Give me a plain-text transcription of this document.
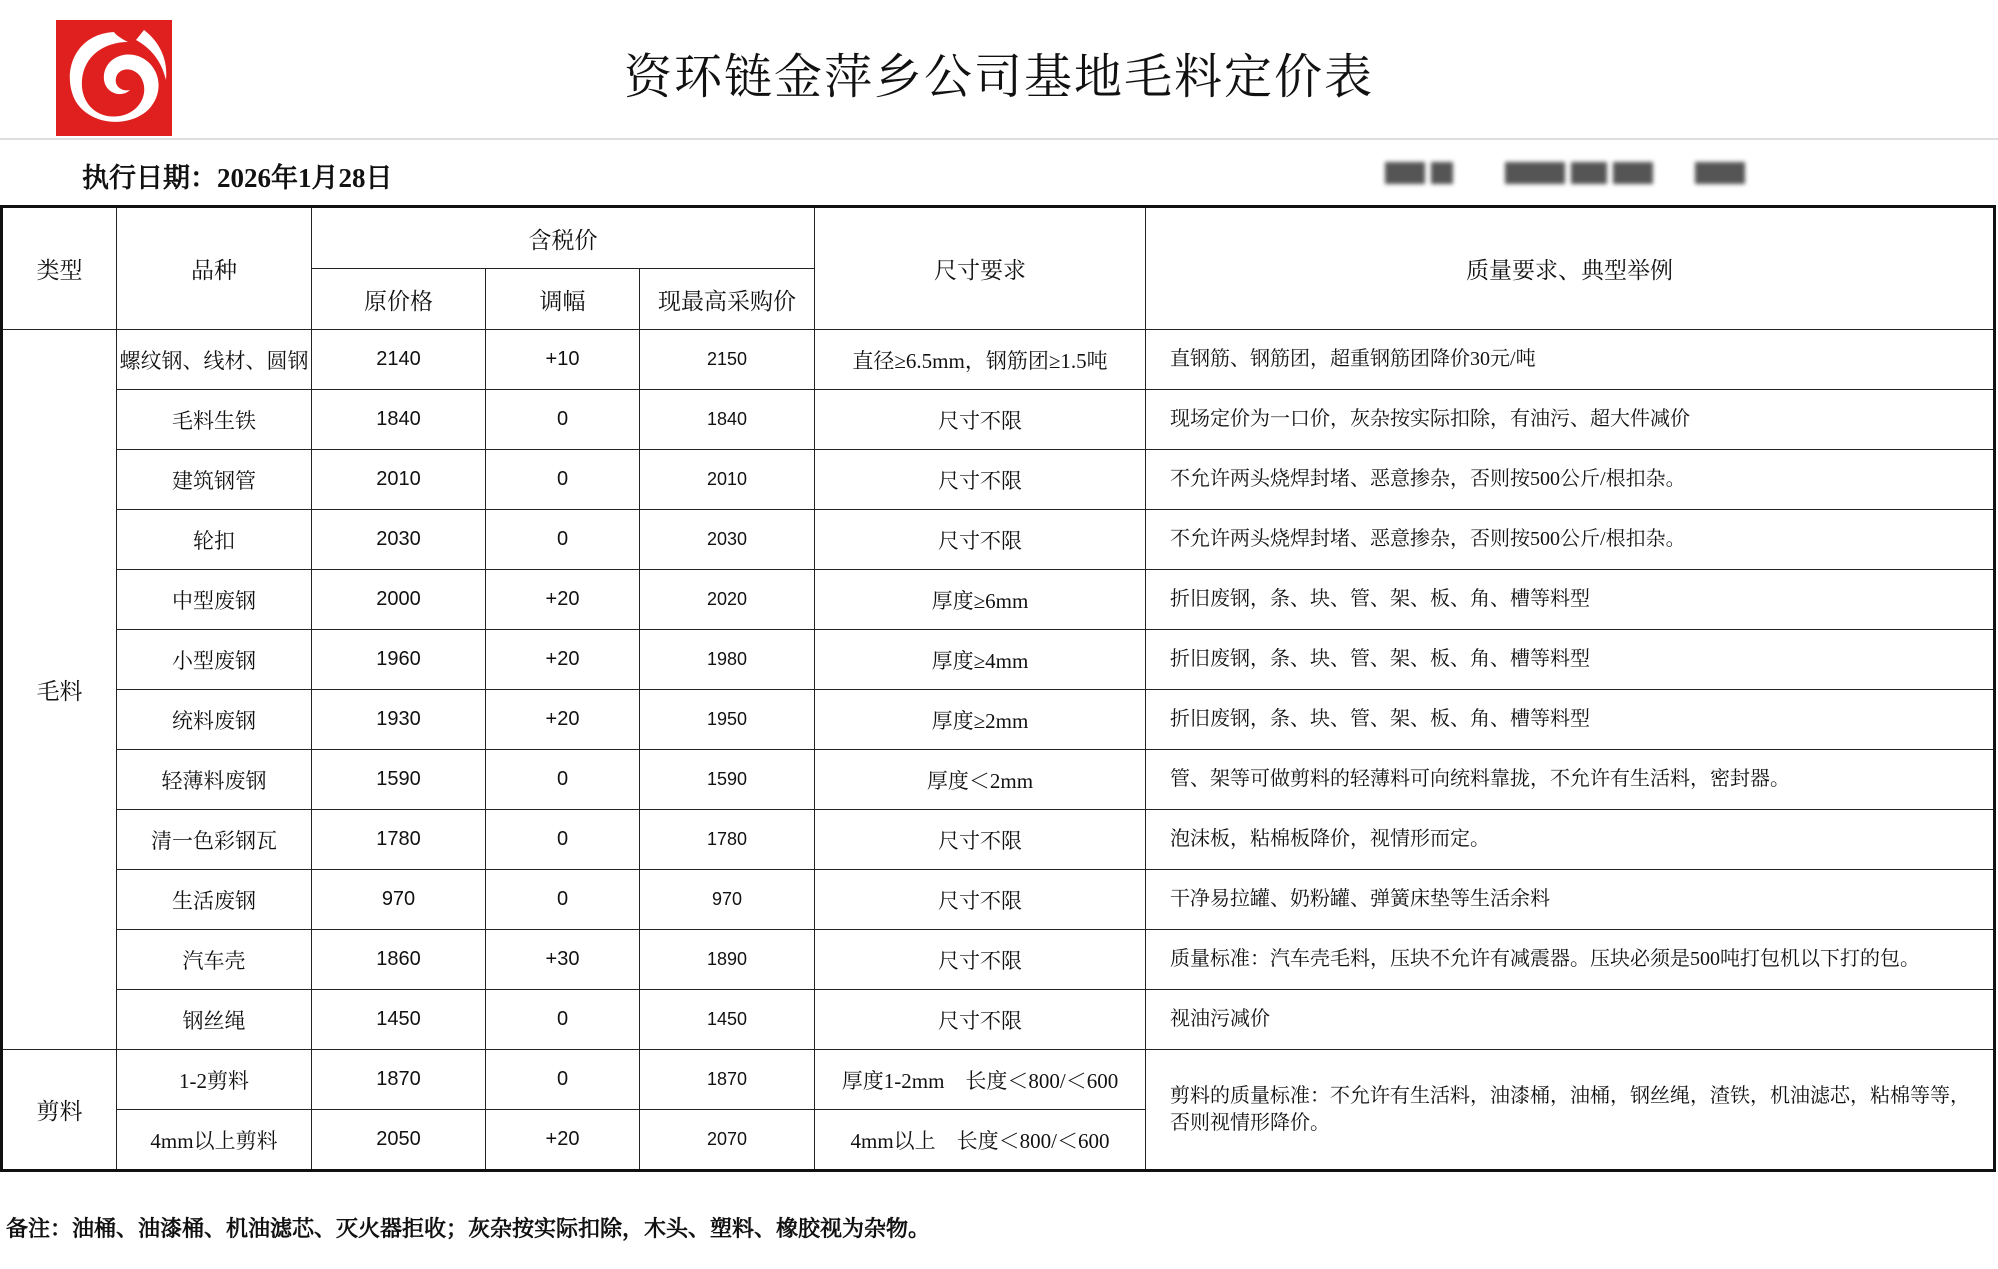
资环链金萍乡公司基地毛料定价表
执行日期：2026年1月28日
类型	品种	含税价			尺寸要求	质量要求、典型举例
		原价格	调幅	现最高采购价		
毛料	螺纹钢、线材、圆钢	2140	+10	2150	直径≥6.5mm，钢筋团≥1.5吨	直钢筋、钢筋团，超重钢筋团降价30元/吨
	毛料生铁	1840	0	1840	尺寸不限	现场定价为一口价，灰杂按实际扣除，有油污、超大件减价
	建筑钢管	2010	0	2010	尺寸不限	不允许两头烧焊封堵、恶意掺杂，否则按500公斤/根扣杂。
	轮扣	2030	0	2030	尺寸不限	不允许两头烧焊封堵、恶意掺杂，否则按500公斤/根扣杂。
	中型废钢	2000	+20	2020	厚度≥6mm	折旧废钢，条、块、管、架、板、角、槽等料型
	小型废钢	1960	+20	1980	厚度≥4mm	折旧废钢，条、块、管、架、板、角、槽等料型
	统料废钢	1930	+20	1950	厚度≥2mm	折旧废钢，条、块、管、架、板、角、槽等料型
	轻薄料废钢	1590	0	1590	厚度＜2mm	管、架等可做剪料的轻薄料可向统料靠拢，不允许有生活料，密封器。
	清一色彩钢瓦	1780	0	1780	尺寸不限	泡沫板，粘棉板降价，视情形而定。
	生活废钢	970	0	970	尺寸不限	干净易拉罐、奶粉罐、弹簧床垫等生活余料
	汽车壳	1860	+30	1890	尺寸不限	质量标准：汽车壳毛料，压块不允许有减震器。压块必须是500吨打包机以下打的包。
	钢丝绳	1450	0	1450	尺寸不限	视油污减价
剪料	1-2剪料	1870	0	1870	厚度1-2mm　长度＜800/＜600	剪料的质量标准：不允许有生活料，油漆桶，油桶，钢丝绳，渣铁，机油滤芯，粘棉等等，否则视情形降价。
	4mm以上剪料	2050	+20	2070	4mm以上　长度＜800/＜600	
备注：油桶、油漆桶、机油滤芯、灭火器拒收；灰杂按实际扣除，木头、塑料、橡胶视为杂物。
